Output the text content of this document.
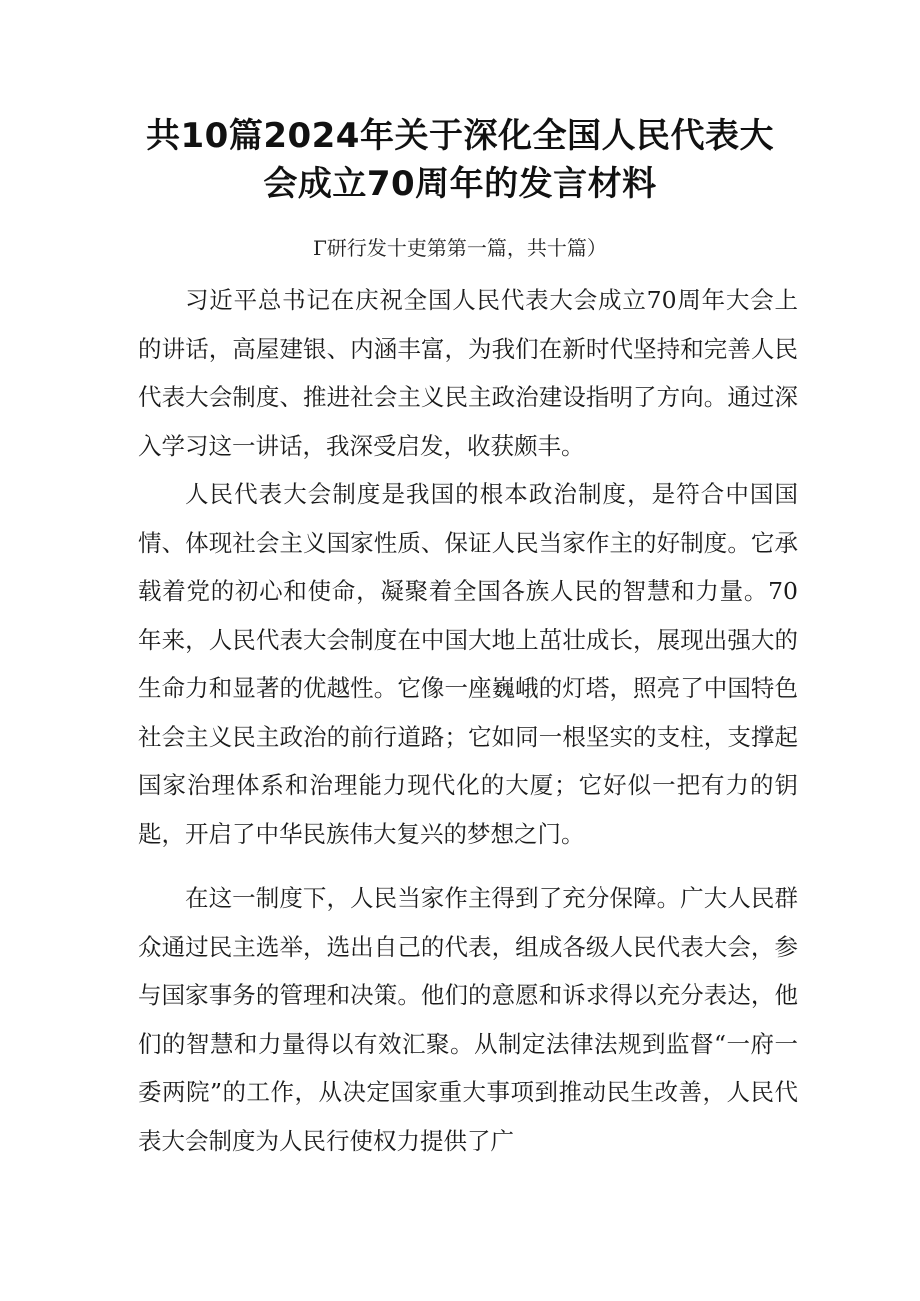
共10篇2024年关于深化全国人民代表大
会成立70周年的发言材料

Γ研行发十吏第第一篇，共十篇）

习近平总书记在庆祝全国人民代表大会成立70周年大会上的讲话，高屋建银、内涵丰富，为我们在新时代坚持和完善人民代表大会制度、推进社会主义民主政治建设指明了方向。通过深入学习这一讲话，我深受启发，收获颇丰。

人民代表大会制度是我国的根本政治制度，是符合中国国情、体现社会主义国家性质、保证人民当家作主的好制度。它承载着党的初心和使命，凝聚着全国各族人民的智慧和力量。70年来，人民代表大会制度在中国大地上茁壮成长，展现出强大的生命力和显著的优越性。它像一座巍峨的灯塔，照亮了中国特色社会主义民主政治的前行道路；它如同一根坚实的支柱，支撑起国家治理体系和治理能力现代化的大厦；它好似一把有力的钥匙，开启了中华民族伟大复兴的梦想之门。

在这一制度下，人民当家作主得到了充分保障。广大人民群众通过民主选举，选出自己的代表，组成各级人民代表大会，参与国家事务的管理和决策。他们的意愿和诉求得以充分表达，他们的智慧和力量得以有效汇聚。从制定法律法规到监督“一府一委两院”的工作，从决定国家重大事项到推动民生改善，人民代表大会制度为人民行使权力提供了广
